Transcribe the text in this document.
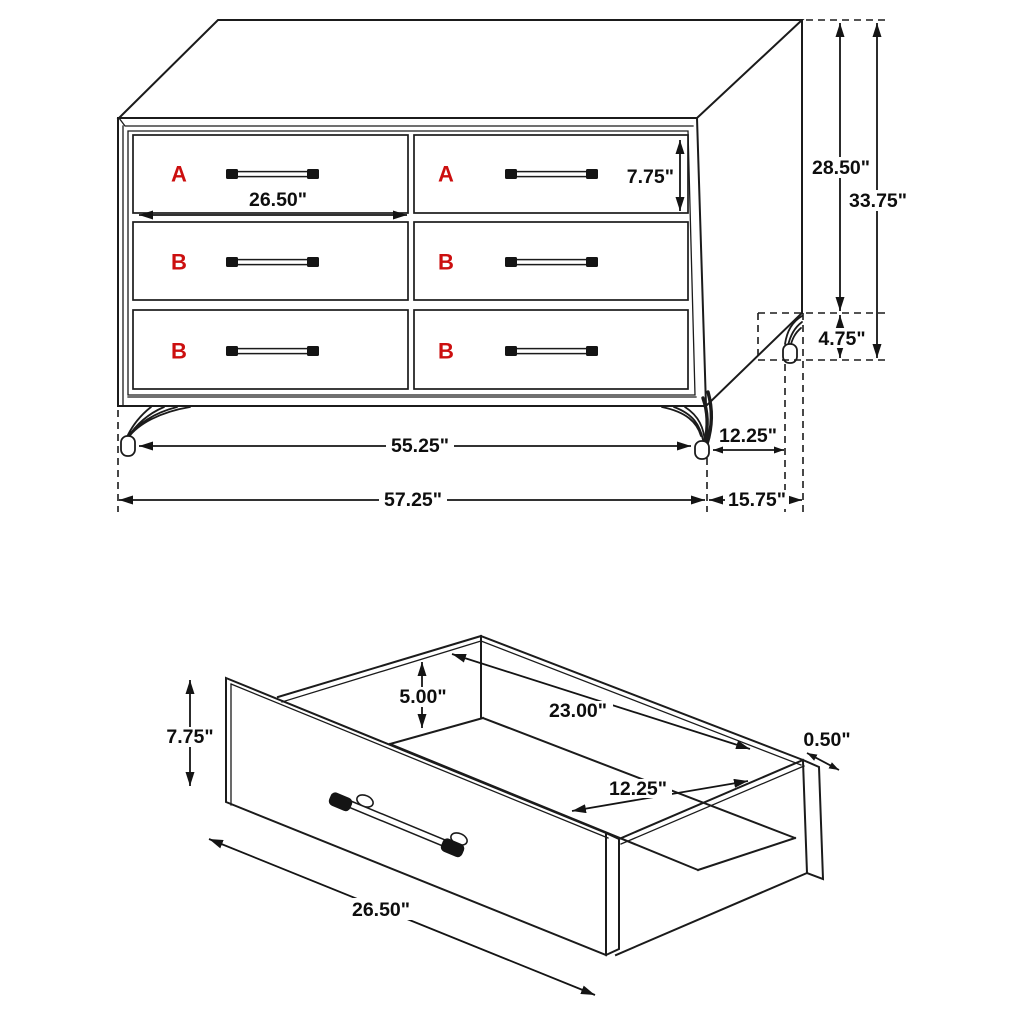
A	A
B	B
B	B
26.50"
7.75"	28.50"
33.75"
4.75"
55.25"
57.25"	15.75"
12.25"
7.75"
5.00"
23.00"
12.25"
0.50"
26.50"
